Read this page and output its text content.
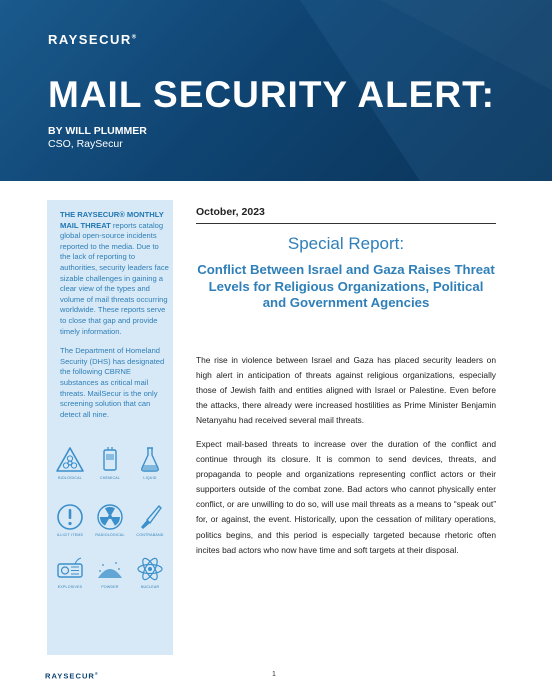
RAYSECUR®
MAIL SECURITY ALERT:
BY WILL PLUMMER
CSO, RaySecur

THE RAYSECUR® MONTHLY MAIL THREAT reports catalog global open-source incidents reported to the media. Due to the lack of reporting to authorities, security leaders face sizable challenges in gaining a clear view of the types and volume of mail threats occurring worldwide. These reports serve to close that gap and provide timely information.

The Department of Homeland Security (DHS) has designated the following CBRNE substances as critical mail threats. MailSecur is the only screening solution that can detect all nine.

BIOLOGICAL	CHEMICAL	LIQUID
ILLICIT ITEMS	RADIOLOGICAL	CONTRABAND
EXPLOSIVES	POWDER	NUCLEAR
October, 2023
Special Report:
Conflict Between Israel and Gaza Raises Threat Levels for Religious Organizations, Political and Government Agencies

The rise in violence between Israel and Gaza has placed security leaders on high alert in anticipation of threats against religious organizations, especially those of Jewish faith and entities aligned with Israel or Palestine. Even before the attacks, there already were increased hostilities as Prime Minister Benjamin Netanyahu had received several mail threats.

Expect mail-based threats to increase over the duration of the conflict and continue through its closure. It is common to send devices, threats, and propaganda to people and organizations representing conflict actors or their supporters outside of the combat zone. Bad actors who cannot physically enter conflict, or are unwilling to do so, will use mail threats as a means to “speak out” for, or against, the event. Historically, upon the cessation of military operations, politics begins, and this period is especially targeted because rhetoric often incites bad actors who now have time and soft targets at their disposal.

RAYSECUR®	1
